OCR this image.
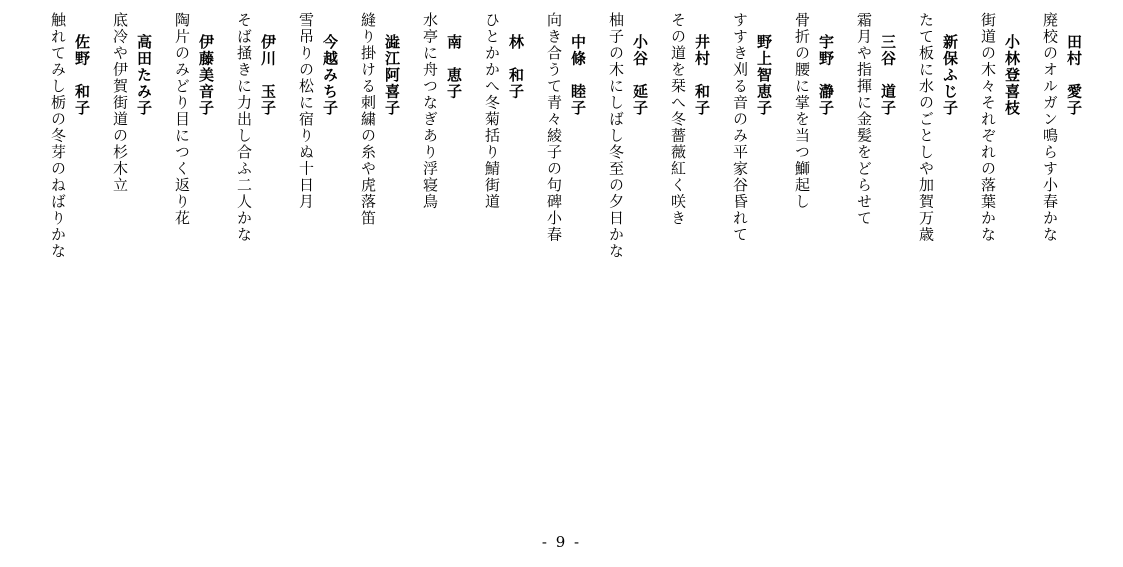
田村　愛子
廃校のオルガン鳴らす小春かな
小林登喜枝
街道の木々それぞれの落葉かな
新保ふじ子
たて板に水のごとしや加賀万歳
三谷　道子
霜月や指揮に金髪をどらせて
宇野　瀞子
骨折の腰に掌を当つ鰤起し
野上智恵子
すすき刈る音のみ平家谷昏れて
井村　和子
その道を栞へ冬薔薇紅く咲き
小谷　延子
柚子の木にしばし冬至の夕日かな
中條　睦子
向き合うて青々綾子の句碑小春
林　和子
ひとかかへ冬菊括り鯖街道
南　恵子
水亭に舟つなぎあり浮寝鳥
澁江阿喜子
縫り掛ける刺繍の糸や虎落笛
今越みち子
雪吊りの松に宿りぬ十日月
伊川　玉子
そば掻きに力出し合ふ二人かな
伊藤美音子
陶片のみどり目につく返り花
高田たみ子
底冷や伊賀街道の杉木立
佐野　和子
触れてみし栃の冬芽のねばりかな
- 9 -
